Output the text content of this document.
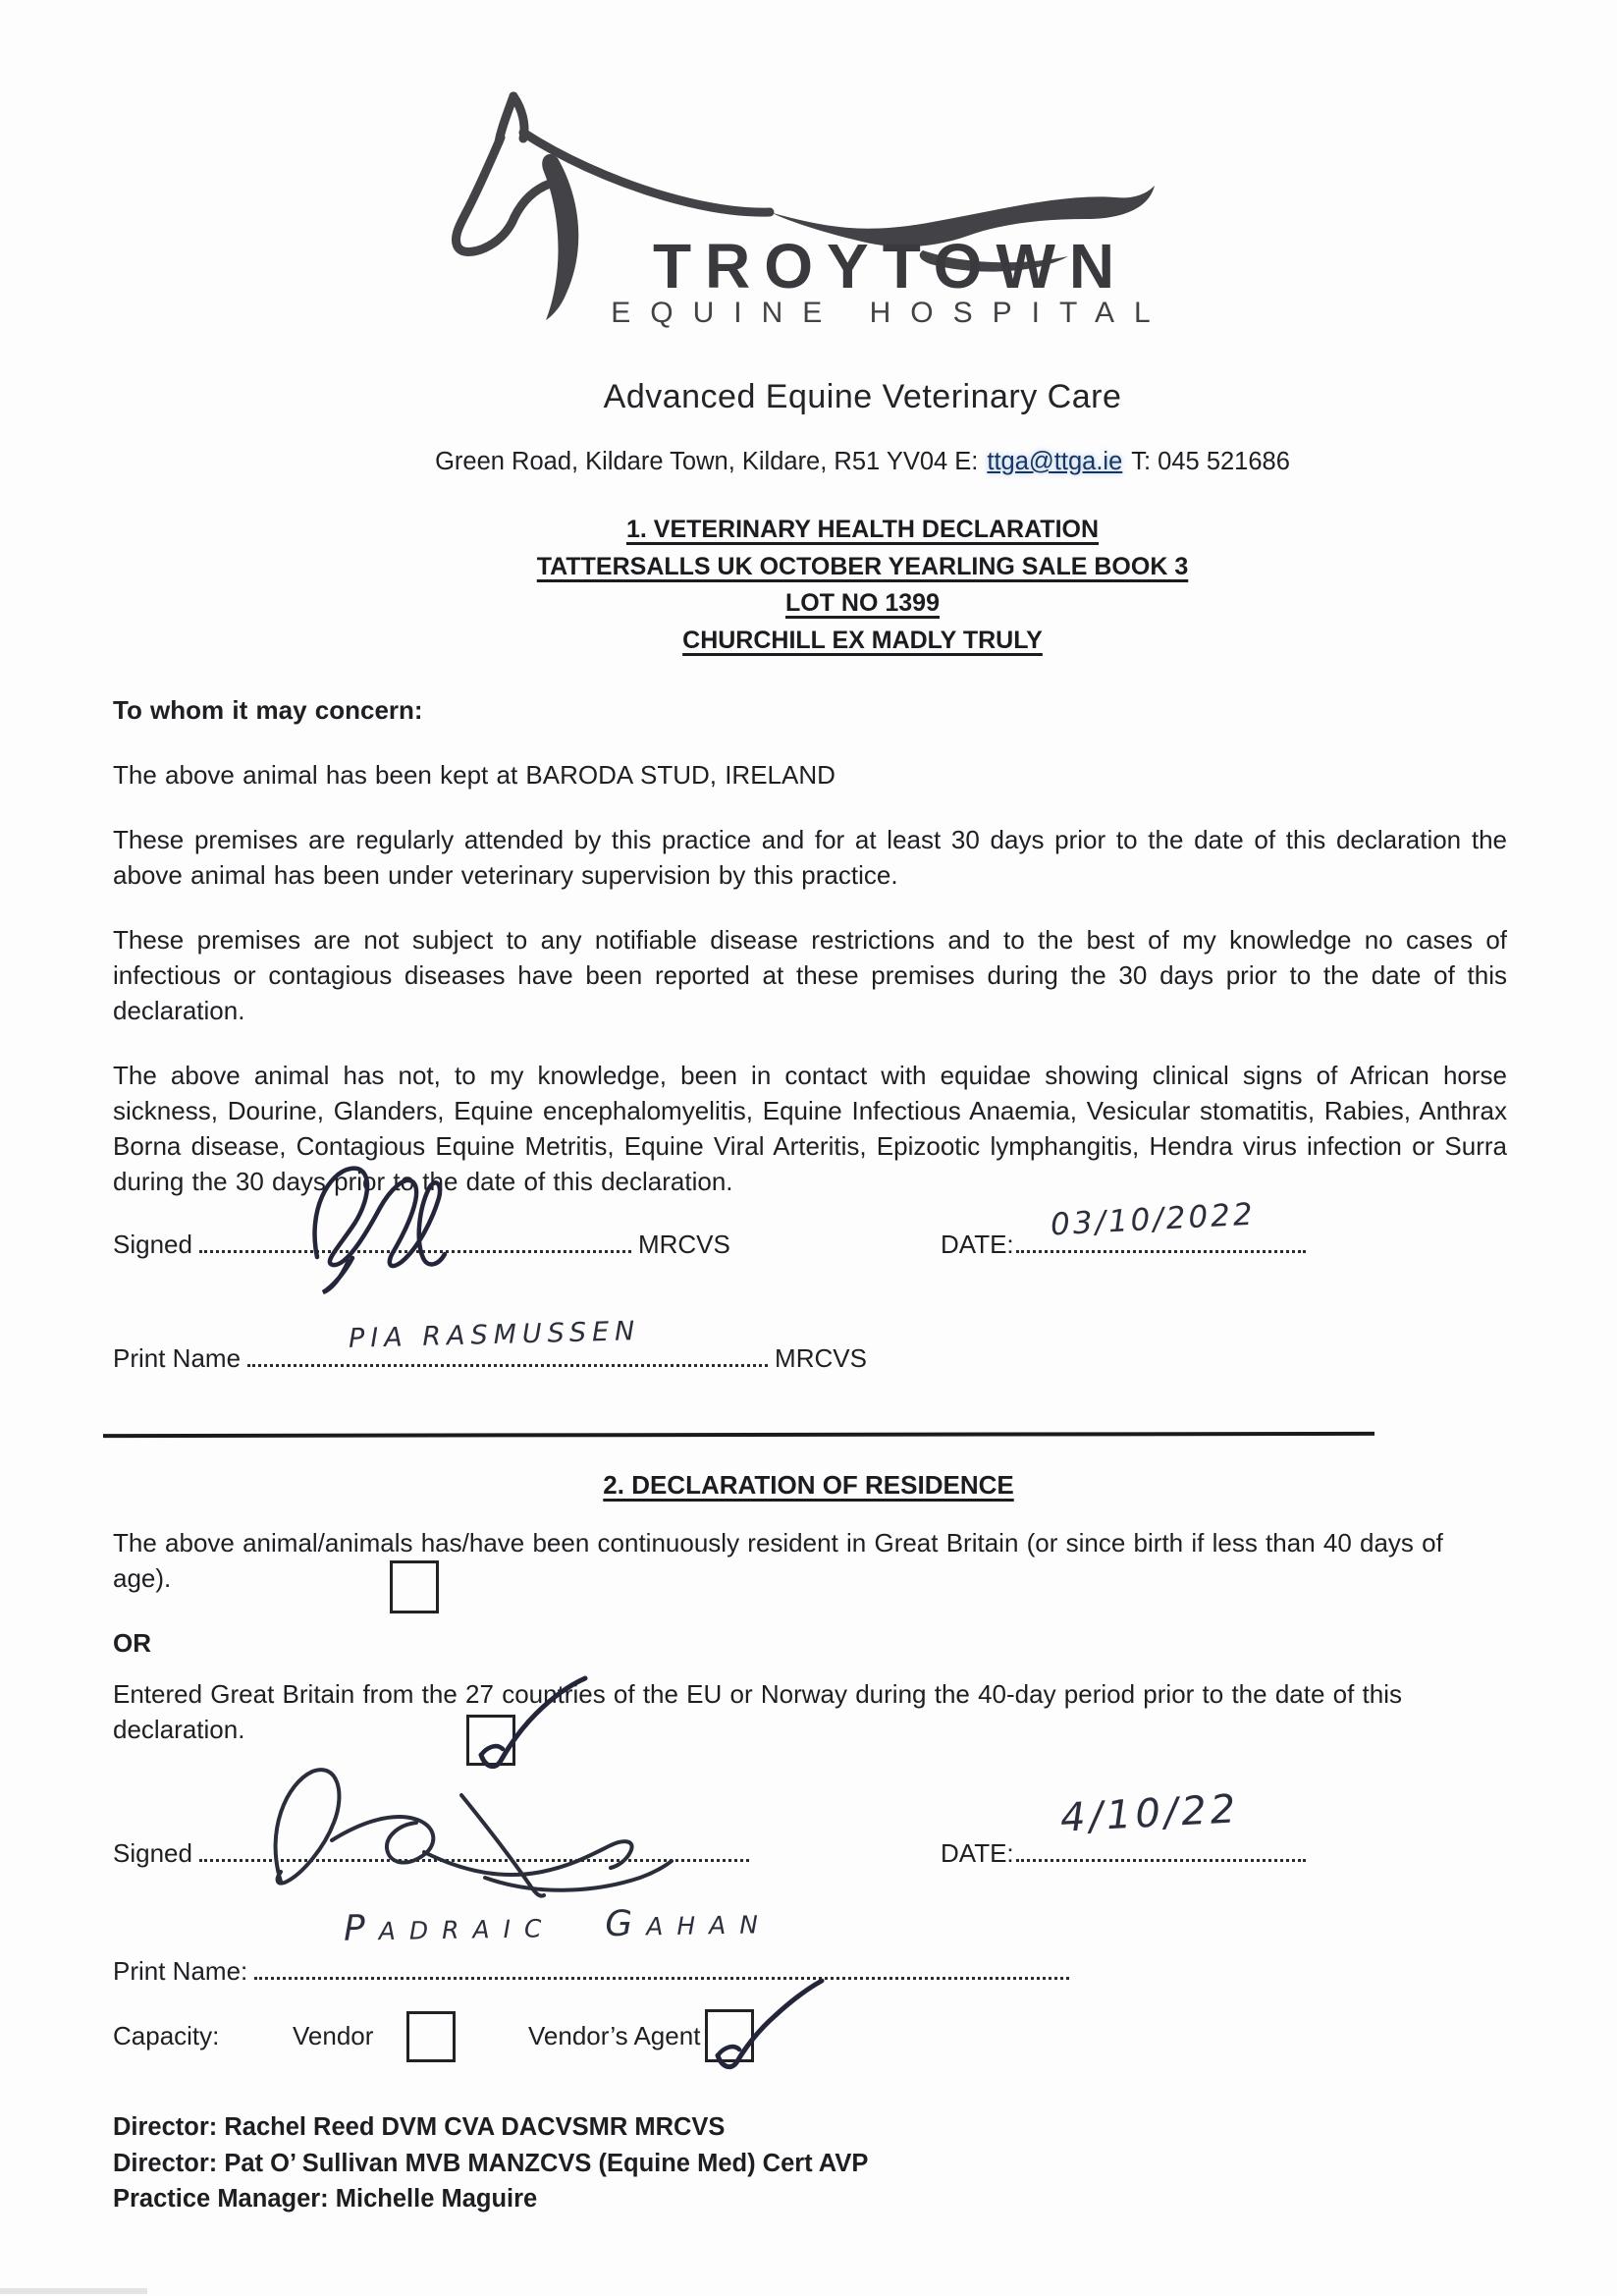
TROYTOWN
EQUINE HOSPITAL
Advanced Equine Veterinary Care
Green Road, Kildare Town, Kildare, R51 YV04 E: ttga@ttga.ie T: 045 521686
1. VETERINARY HEALTH DECLARATION
TATTERSALLS UK OCTOBER YEARLING SALE BOOK 3
LOT NO 1399
CHURCHILL EX MADLY TRULY
To whom it may concern:

The above animal has been kept at BARODA STUD, IRELAND

These premises are regularly attended by this practice and for at least 30 days prior to the date of this declaration the above animal has been under veterinary supervision by this practice.

These premises are not subject to any notifiable disease restrictions and to the best of my knowledge no cases of infectious or contagious diseases have been reported at these premises during the 30 days prior to the date of this declaration.

The above animal has not, to my knowledge, been in contact with equidae showing clinical signs of African horse sickness, Dourine, Glanders, Equine encephalomyelitis, Equine Infectious Anaemia, Vesicular stomatitis, Rabies, Anthrax Borna disease, Contagious Equine Metritis, Equine Viral Arteritis, Epizootic lymphangitis, Hendra virus infection or Surra during the 30 days prior to the date of this declaration.

Signed	MRCVS	DATE:
03/10/2022
Print Name	MRCVS
PIA RASMUSSEN
2. DECLARATION OF RESIDENCE
The above animal/animals has/have been continuously resident in Great Britain (or since birth if less than 40 days of age).
OR
Entered Great Britain from the 27 countries of the EU or Norway during the 40-day period prior to the date of this declaration.
Signed	DATE:
4/10/22
Print Name:
Padraic Gahan
Capacity:	Vendor	Vendor’s Agent
Director: Rachel Reed DVM CVA DACVSMR MRCVS
Director: Pat O’ Sullivan MVB MANZCVS (Equine Med) Cert AVP
Practice Manager: Michelle Maguire
